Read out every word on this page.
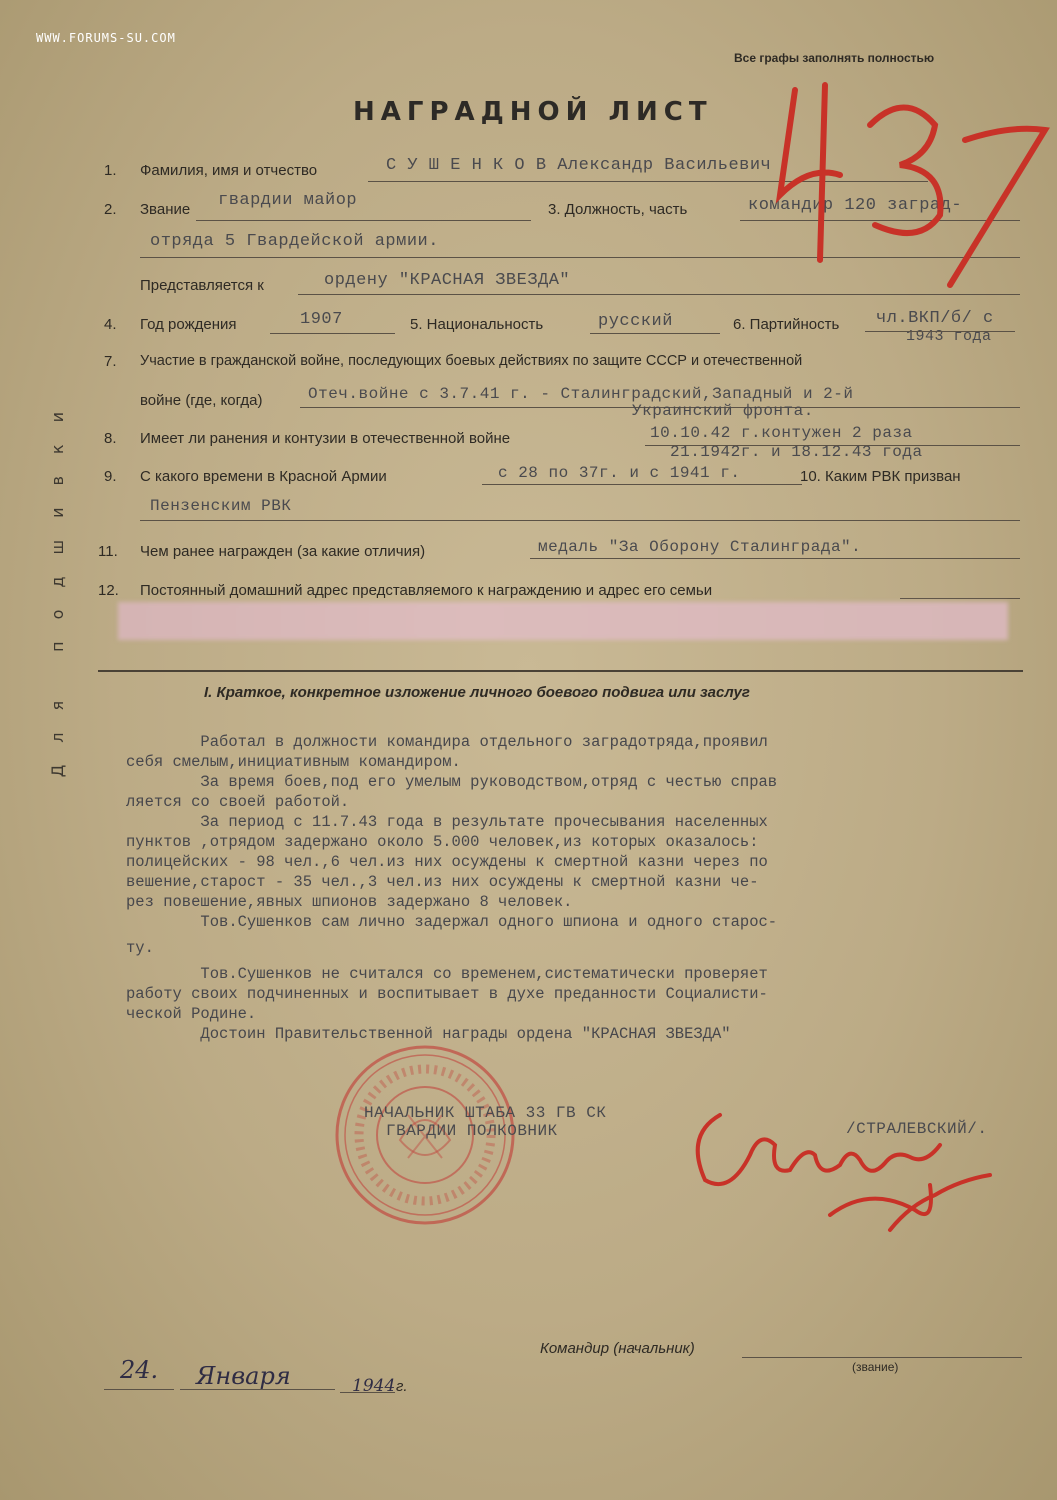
WWW.FORUMS-SU.COM
Все графы заполнять полностью
НАГРАДНОЙ ЛИСТ
Для подшивки
1. Фамилия, имя и отчество	С У Ш Е Н К О В Александр Васильевич
2. Звание гвардии майор	3. Должность, часть	командир 120 заград-
отряда 5 Гвардейской армии.
Представляется к	ордену "КРАСНАЯ ЗВЕЗДА"
4. Год рождения	1907	5. Национальность	русский	6. Партийность чл.ВКП/б/ с
1943 года
7. Участие в гражданской войне, последующих боевых действиях по защите СССР и отечественной
войне (где, когда)	Отеч.войне с 3.7.41 г. - Сталинградский,Западный и 2-й
Украинский фронта.
8. Имеет ли ранения и контузии в отечественной войне	10.10.42 г.контужен 2 раза
21.1942г. и 18.12.43 года
9. С какого времени в Красной Армии	с 28 по 37г. и с 1941 г.	10. Каким РВК призван
Пензенским РВК
11. Чем ранее награжден (за какие отличия)	медаль "За Оборону Сталинграда".
12. Постоянный домашний адрес представляемого к награждению и адрес его семьи
I. Краткое, конкретное изложение личного боевого подвига или заслуг
Работал в должности командира отдельного заградотряда,проявил
себя смелым,инициативным командиром.
За время боев,под его умелым руководством,отряд с честью справ
ляется со своей работой.
За период с 11.7.43 года в результате прочесывания населенных
пунктов ,отрядом задержано около 5.000 человек,из которых оказалось:
полицейских - 98 чел.,6 чел.из них осуждены к смертной казни через по
вешение,старост - 35 чел.,3 чел.из них осуждены к смертной казни че-
рез повешение,явных шпионов задержано 8 человек.
Тов.Сушенков сам лично задержал одного шпиона и одного старос-
ту.
Тов.Сушенков не считался со временем,систематически проверяет
работу своих подчиненных и воспитывает в духе преданности Социалисти-
ческой Родине.
Достоин Правительственной награды ордена "КРАСНАЯ ЗВЕЗДА"
НАЧАЛЬНИК ШТАБА 33 ГВ СК
ГВАРДИИ ПОЛКОВНИК	/СТРАЛЕВСКИЙ/.
Командир (начальник)
(звание)
24. Января	1944 г.
